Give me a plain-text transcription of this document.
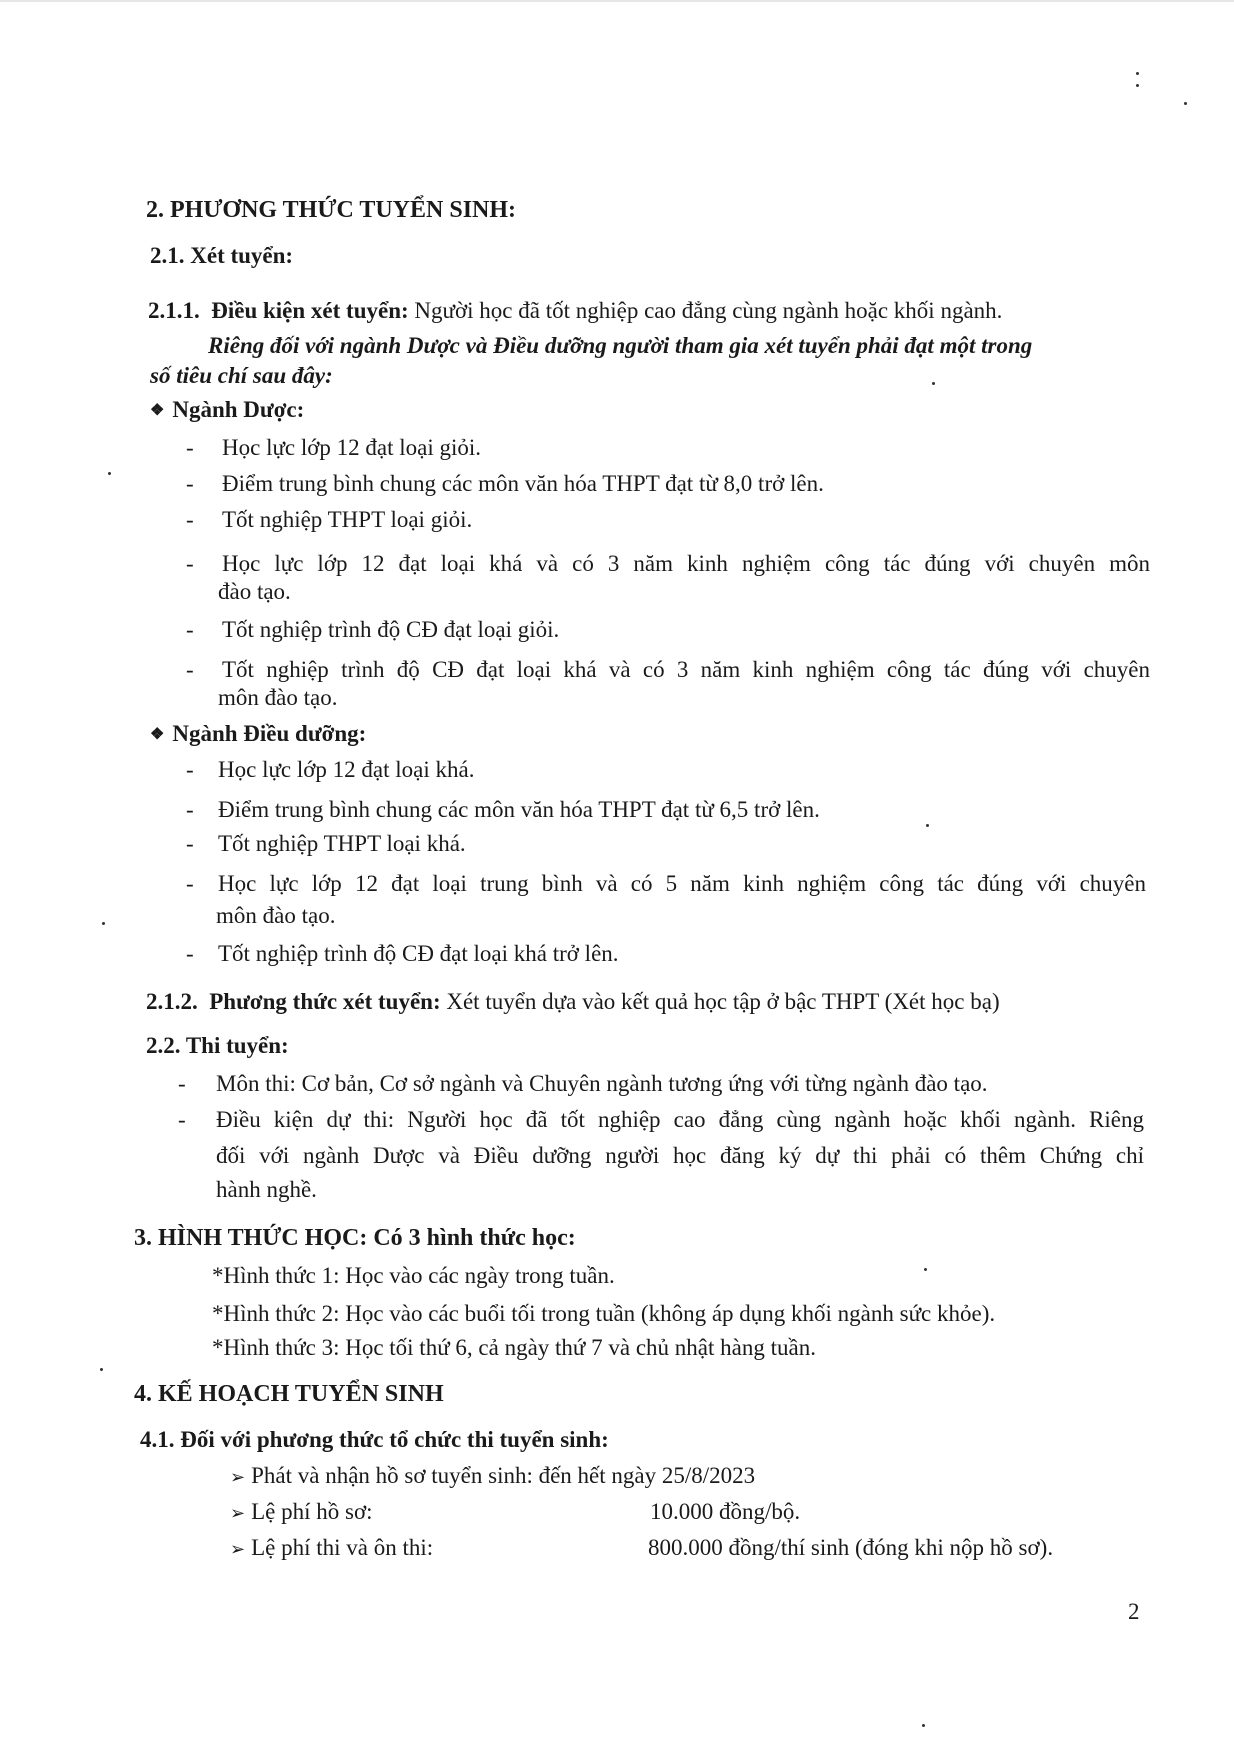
2. PHƯƠNG THỨC TUYỂN SINH:
2.1. Xét tuyển:
2.1.1. Điều kiện xét tuyển: Người học đã tốt nghiệp cao đẳng cùng ngành hoặc khối ngành.
Riêng đối với ngành Dược và Điều dưỡng người tham gia xét tuyển phải đạt một trong
số tiêu chí sau đây:
❖ Ngành Dược:
- Học lực lớp 12 đạt loại giỏi.
- Điểm trung bình chung các môn văn hóa THPT đạt từ 8,0 trở lên.
- Tốt nghiệp THPT loại giỏi.
- Học lực lớp 12 đạt loại khá và có 3 năm kinh nghiệm công tác đúng với chuyên môn
đào tạo.
- Tốt nghiệp trình độ CĐ đạt loại giỏi.
- Tốt nghiệp trình độ CĐ đạt loại khá và có 3 năm kinh nghiệm công tác đúng với chuyên
môn đào tạo.
❖ Ngành Điều dưỡng:
- Học lực lớp 12 đạt loại khá.
- Điểm trung bình chung các môn văn hóa THPT đạt từ 6,5 trở lên.
- Tốt nghiệp THPT loại khá.
- Học lực lớp 12 đạt loại trung bình và có 5 năm kinh nghiệm công tác đúng với chuyên
môn đào tạo.
- Tốt nghiệp trình độ CĐ đạt loại khá trở lên.
2.1.2. Phương thức xét tuyển: Xét tuyển dựa vào kết quả học tập ở bậc THPT (Xét học bạ)
2.2. Thi tuyển:
- Môn thi: Cơ bản, Cơ sở ngành và Chuyên ngành tương ứng với từng ngành đào tạo.
- Điều kiện dự thi: Người học đã tốt nghiệp cao đẳng cùng ngành hoặc khối ngành. Riêng
đối với ngành Dược và Điều dưỡng người học đăng ký dự thi phải có thêm Chứng chỉ
hành nghề.
3. HÌNH THỨC HỌC: Có 3 hình thức học:
*Hình thức 1: Học vào các ngày trong tuần.
*Hình thức 2: Học vào các buổi tối trong tuần (không áp dụng khối ngành sức khỏe).
*Hình thức 3: Học tối thứ 6, cả ngày thứ 7 và chủ nhật hàng tuần.
4. KẾ HOẠCH TUYỂN SINH
4.1. Đối với phương thức tổ chức thi tuyển sinh:
➢ Phát và nhận hồ sơ tuyển sinh: đến hết ngày 25/8/2023
➢ Lệ phí hồ sơ:	10.000 đồng/bộ.
➢ Lệ phí thi và ôn thi:	800.000 đồng/thí sinh (đóng khi nộp hồ sơ).
2
